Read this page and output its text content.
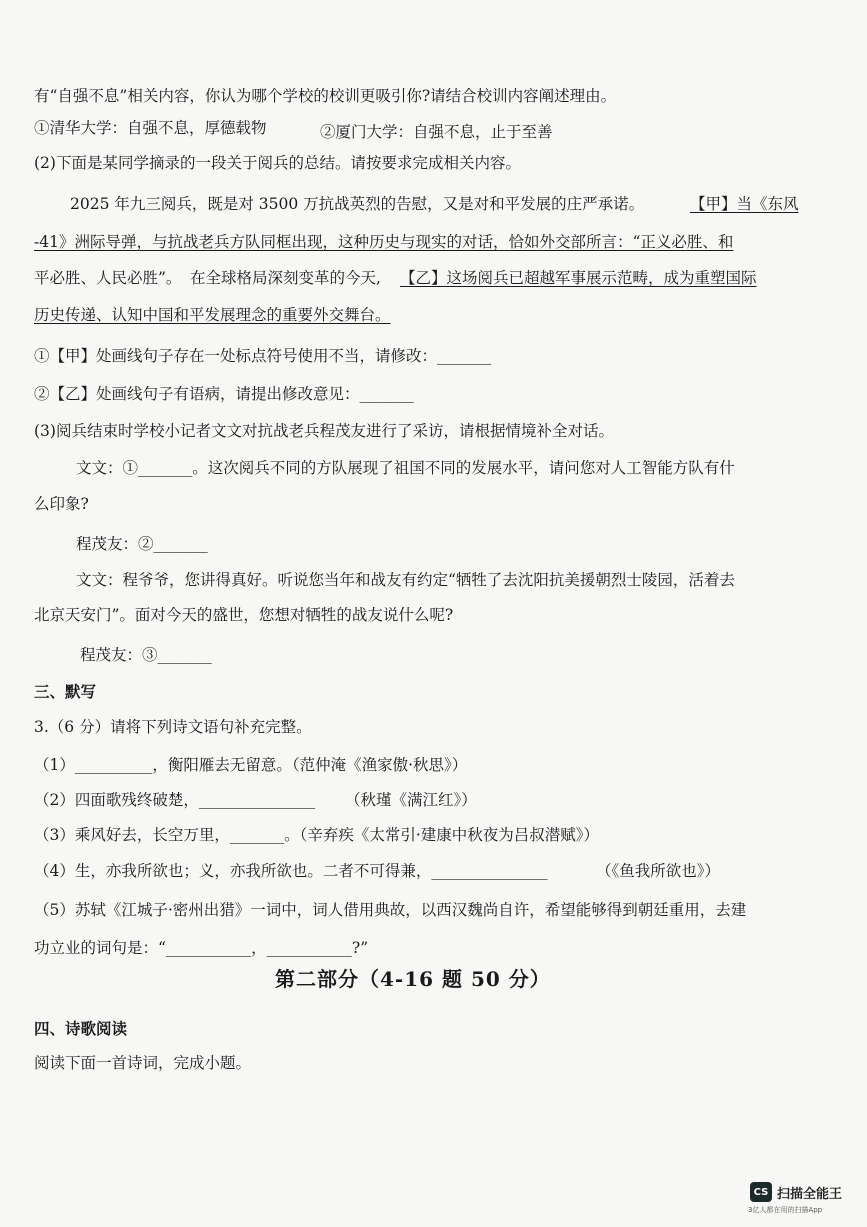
有“自强不息”相关内容，你认为哪个学校的校训更吸引你?请结合校训内容阐述理由。
①清华大学：自强不息，厚德载物	②厦门大学：自强不息，止于至善
(2)下面是某同学摘录的一段关于阅兵的总结。请按要求完成相关内容。
2025 年九三阅兵，既是对 3500 万抗战英烈的告慰，又是对和平发展的庄严承诺。	【甲】当《东风
-41》洲际导弹，与抗战老兵方队同框出现，这种历史与现实的对话，恰如外交部所言：“正义必胜、和
平必胜、人民必胜”。 在全球格局深刻变革的今天, 【乙】这场阅兵已超越军事展示范畴，成为重塑国际
历史传递、认知中国和平发展理念的重要外交舞台。
①【甲】处画线句子存在一处标点符号使用不当，请修改：_______
②【乙】处画线句子有语病，请提出修改意见：_______
(3)阅兵结束时学校小记者文文对抗战老兵程茂友进行了采访，请根据情境补全对话。
文文：①_______。这次阅兵不同的方队展现了祖国不同的发展水平，请问您对人工智能方队有什
么印象?
程茂友：②_______
文文：程爷爷，您讲得真好。听说您当年和战友有约定“牺牲了去沈阳抗美援朝烈士陵园，活着去
北京天安门”。面对今天的盛世，您想对牺牲的战友说什么呢?
程茂友：③_______
三、默写
3.（6 分）请将下列诗文语句补充完整。
（1）__________，衡阳雁去无留意。（范仲淹《渔家傲·秋思》）
（2）四面歌残终破楚，_______________ （秋瑾《满江红》）
（3）乘风好去，长空万里，_______。（辛弃疾《太常引·建康中秋夜为吕叔潜赋》）
（4）生，亦我所欲也；义，亦我所欲也。二者不可得兼，_______________	（《鱼我所欲也》）
（5）苏轼《江城子·密州出猎》一词中，词人借用典故，以西汉魏尚自许，希望能够得到朝廷重用，去建
功立业的词句是：“___________，___________?”
第二部分（4-16 题 50 分）
四、诗歌阅读
阅读下面一首诗词，完成小题。
CS 扫描全能王
3亿人都在用的扫描App
